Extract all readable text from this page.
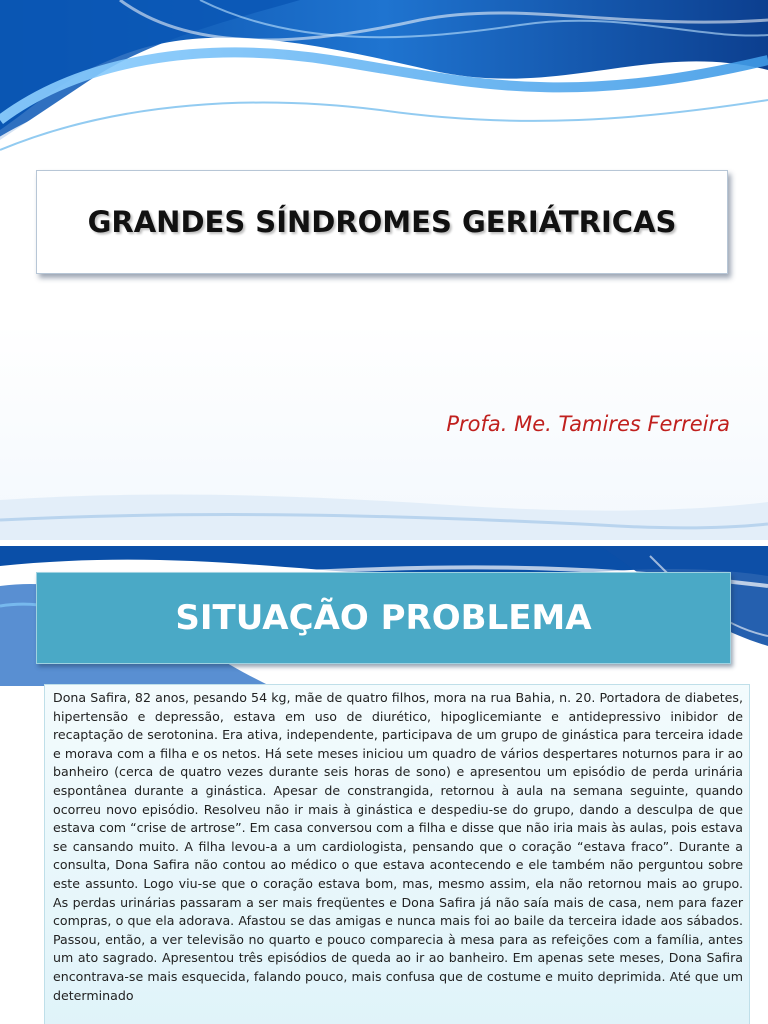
GRANDES SÍNDROMES GERIÁTRICAS
Profa. Me. Tamires Ferreira
SITUAÇÃO PROBLEMA

Dona Safira, 82 anos, pesando 54 kg, mãe de quatro filhos, mora na rua Bahia, n. 20. Portadora de diabetes, hipertensão e depressão, estava em uso de diurético, hipoglicemiante e antidepressivo inibidor de recaptação de serotonina. Era ativa, independente, participava de um grupo de ginástica para terceira idade e morava com a filha e os netos. Há sete meses iniciou um quadro de vários despertares noturnos para ir ao banheiro (cerca de quatro vezes durante seis horas de sono) e apresentou um episódio de perda urinária espontânea durante a ginástica. Apesar de constrangida, retornou à aula na semana seguinte, quando ocorreu novo episódio. Resolveu não ir mais à ginástica e despediu-se do grupo, dando a desculpa de que estava com “crise de artrose”. Em casa conversou com a filha e disse que não iria mais às aulas, pois estava se cansando muito. A filha levou-a a um cardiologista, pensando que o coração “estava fraco”. Durante a consulta, Dona Safira não contou ao médico o que estava acontecendo e ele também não perguntou sobre este assunto. Logo viu-se que o coração estava bom, mas, mesmo assim, ela não retornou mais ao grupo. As perdas urinárias passaram a ser mais freqüentes e Dona Safira já não saía mais de casa, nem para fazer compras, o que ela adorava. Afastou se das amigas e nunca mais foi ao baile da terceira idade aos sábados. Passou, então, a ver televisão no quarto e pouco comparecia à mesa para as refeições com a família, antes um ato sagrado. Apresentou três episódios de queda ao ir ao banheiro. Em apenas sete meses, Dona Safira encontrava-se mais esquecida, falando pouco, mais confusa que de costume e muito deprimida. Até que um determinado
